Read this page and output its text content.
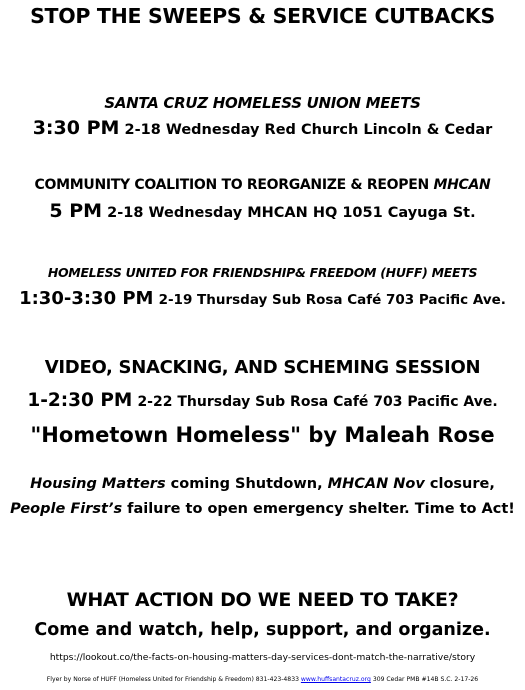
STOP THE SWEEPS & SERVICE CUTBACKS
SANTA CRUZ HOMELESS UNION MEETS
3:30 PM 2-18 Wednesday Red Church Lincoln & Cedar
COMMUNITY COALITION TO REORGANIZE & REOPEN MHCAN
5 PM 2-18 Wednesday MHCAN HQ 1051 Cayuga St.
HOMELESS UNITED FOR FRIENDSHIP& FREEDOM (HUFF) MEETS
1:30-3:30 PM 2-19 Thursday Sub Rosa Café 703 Pacific Ave.
VIDEO, SNACKING, AND SCHEMING SESSION
1-2:30 PM 2-22 Thursday Sub Rosa Café 703 Pacific Ave.
"Hometown Homeless" by Maleah Rose
Housing Matters coming Shutdown, MHCAN Nov closure,
People First’s failure to open emergency shelter. Time to Act!
WHAT ACTION DO WE NEED TO TAKE?
Come and watch, help, support, and organize.
https://lookout.co/the-facts-on-housing-matters-day-services-dont-match-the-narrative/story
Flyer by Norse of HUFF (Homeless United for Friendship & Freedom) 831-423-4833 www.huffsantacruz.org 309 Cedar PMB #14B S.C. 2-17-26
